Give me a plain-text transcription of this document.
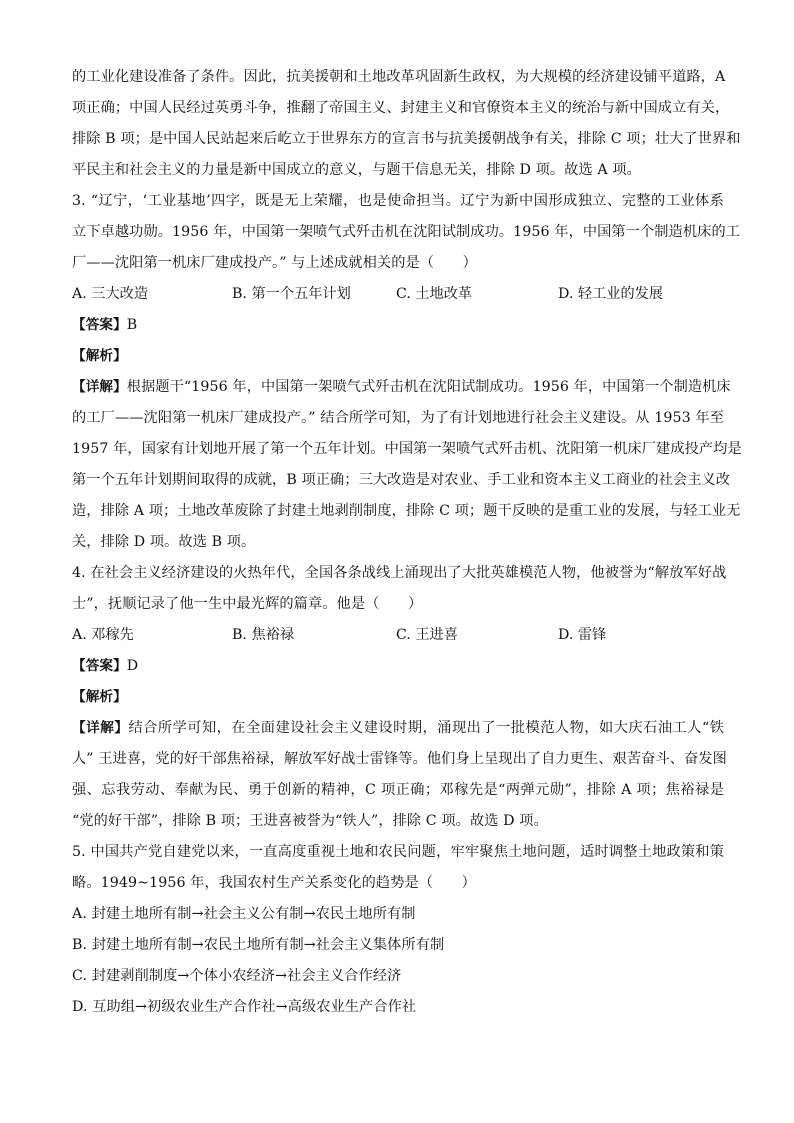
的工业化建设准备了条件。因此，抗美援朝和土地改革巩固新生政权，为大规模的经济建设铺平道路，A
项正确；中国人民经过英勇斗争，推翻了帝国主义、封建主义和官僚资本主义的统治与新中国成立有关，
排除 B 项；是中国人民站起来后屹立于世界东方的宣言书与抗美援朝战争有关，排除 C 项；壮大了世界和
平民主和社会主义的力量是新中国成立的意义，与题干信息无关，排除 D 项。故选 A 项。
3. “辽宁，‘工业基地’四字，既是无上荣耀，也是使命担当。辽宁为新中国形成独立、完整的工业体系
立下卓越功勋。1956 年，中国第一架喷气式歼击机在沈阳试制成功。1956 年，中国第一个制造机床的工
厂——沈阳第一机床厂建成投产。” 与上述成就相关的是（　　）
A. 三大改造	B. 第一个五年计划	C. 土地改革	D. 轻工业的发展
【答案】B
【解析】
【详解】根据题干“1956 年，中国第一架喷气式歼击机在沈阳试制成功。1956 年，中国第一个制造机床
的工厂——沈阳第一机床厂建成投产。” 结合所学可知，为了有计划地进行社会主义建设。从 1953 年至
1957 年，国家有计划地开展了第一个五年计划。中国第一架喷气式歼击机、沈阳第一机床厂建成投产均是
第一个五年计划期间取得的成就，B 项正确；三大改造是对农业、手工业和资本主义工商业的社会主义改
造，排除 A 项；土地改革废除了封建土地剥削制度，排除 C 项；题干反映的是重工业的发展，与轻工业无
关，排除 D 项。故选 B 项。
4. 在社会主义经济建设的火热年代，全国各条战线上涌现出了大批英雄模范人物，他被誉为“解放军好战
士”，抚顺记录了他一生中最光辉的篇章。他是（　　）
A. 邓稼先	B. 焦裕禄	C. 王进喜	D. 雷锋
【答案】D
【解析】
【详解】结合所学可知，在全面建设社会主义建设时期，涌现出了一批模范人物，如大庆石油工人“铁
人” 王进喜，党的好干部焦裕禄，解放军好战士雷锋等。他们身上呈现出了自力更生、艰苦奋斗、奋发图
强、忘我劳动、奉献为民、勇于创新的精神，C 项正确；邓稼先是“两弹元勋”，排除 A 项；焦裕禄是
“党的好干部”，排除 B 项；王进喜被誉为“铁人”，排除 C 项。故选 D 项。
5. 中国共产党自建党以来，一直高度重视土地和农民问题，牢牢聚焦土地问题，适时调整土地政策和策
略。1949~1956 年，我国农村生产关系变化的趋势是（　　）
A. 封建土地所有制→社会主义公有制→农民土地所有制
B. 封建土地所有制→农民土地所有制→社会主义集体所有制
C. 封建剥削制度→个体小农经济→社会主义合作经济
D. 互助组→初级农业生产合作社→高级农业生产合作社
